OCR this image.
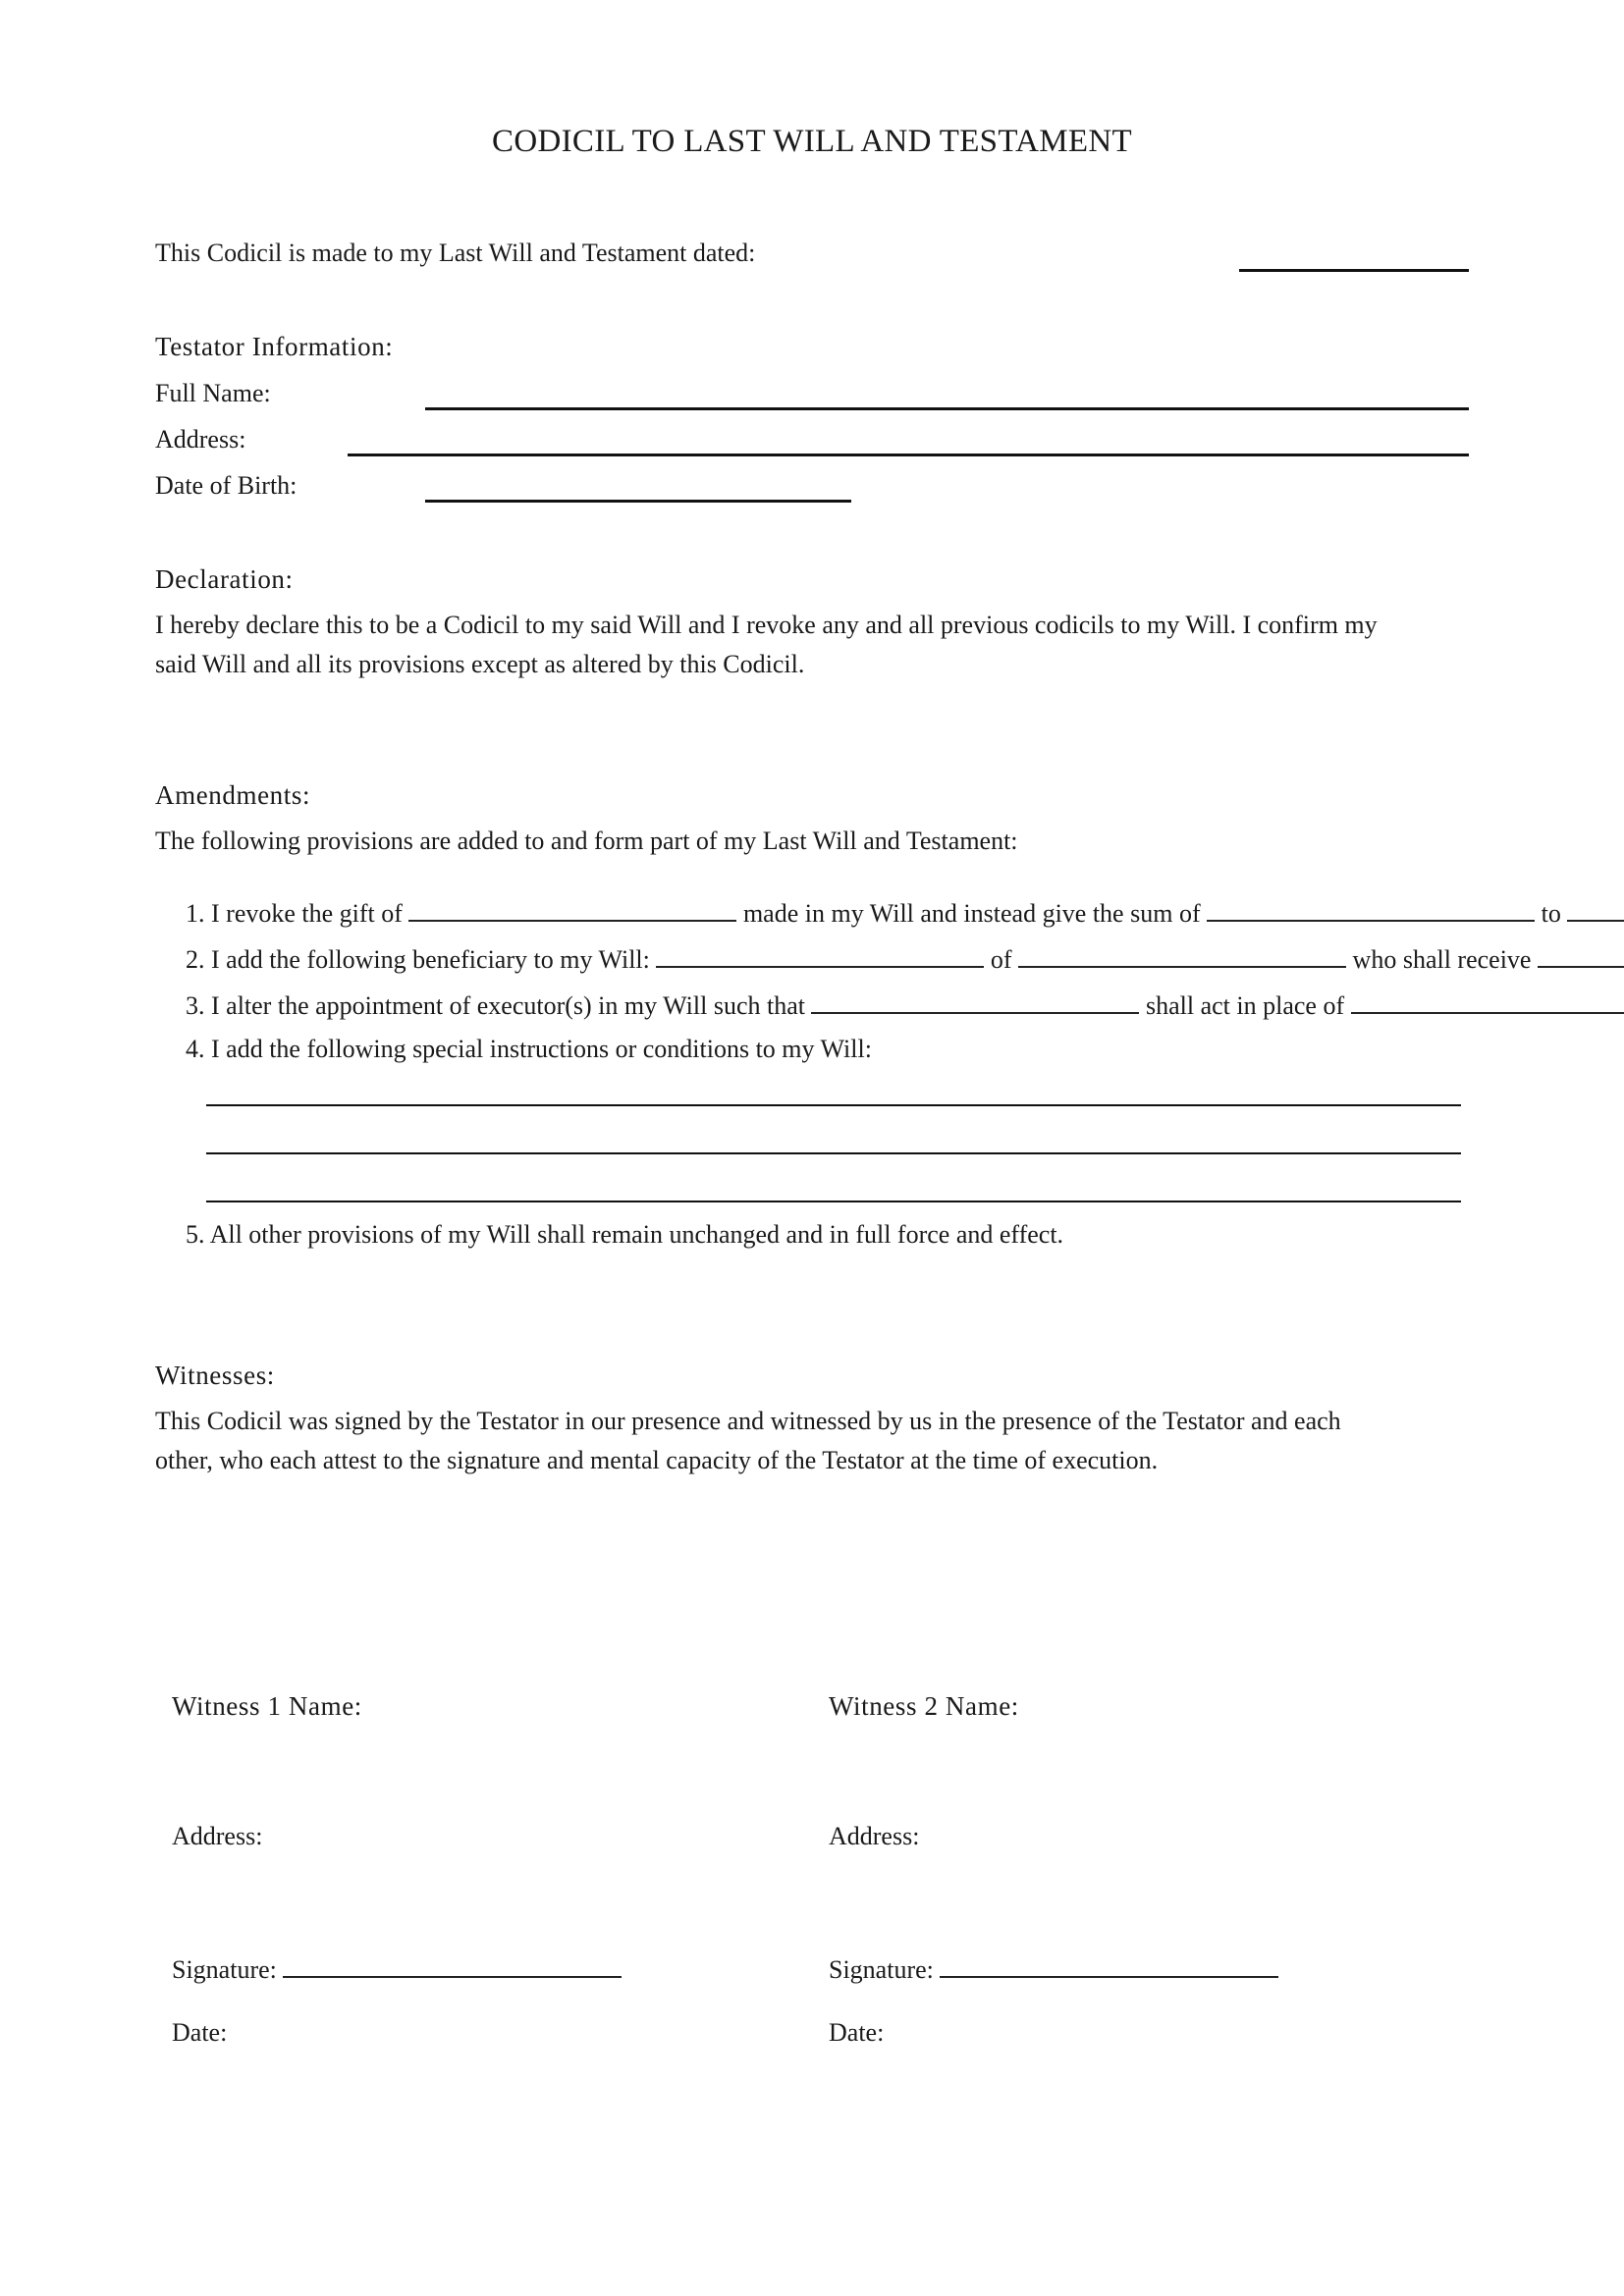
CODICIL TO LAST WILL AND TESTAMENT
This Codicil is made to my Last Will and Testament dated:
Testator Information:
Full Name:
Address:
Date of Birth:
Declaration:
I hereby declare this to be a Codicil to my said Will and I revoke any and all previous codicils to my Will. I confirm my
said Will and all its provisions except as altered by this Codicil.
Amendments:
The following provisions are added to and form part of my Last Will and Testament:
1. I revoke the gift of	made in my Will and instead give the sum of	to
2. I add the following beneficiary to my Will:	of	who shall receive
3. I alter the appointment of executor(s) in my Will such that	shall act in place of
4. I add the following special instructions or conditions to my Will:
5. All other provisions of my Will shall remain unchanged and in full force and effect.
Witnesses:
This Codicil was signed by the Testator in our presence and witnessed by us in the presence of the Testator and each
other, who each attest to the signature and mental capacity of the Testator at the time of execution.
Witness 1 Name:
Address:
Signature:
Date:
Witness 2 Name:
Address:
Signature:
Date:
